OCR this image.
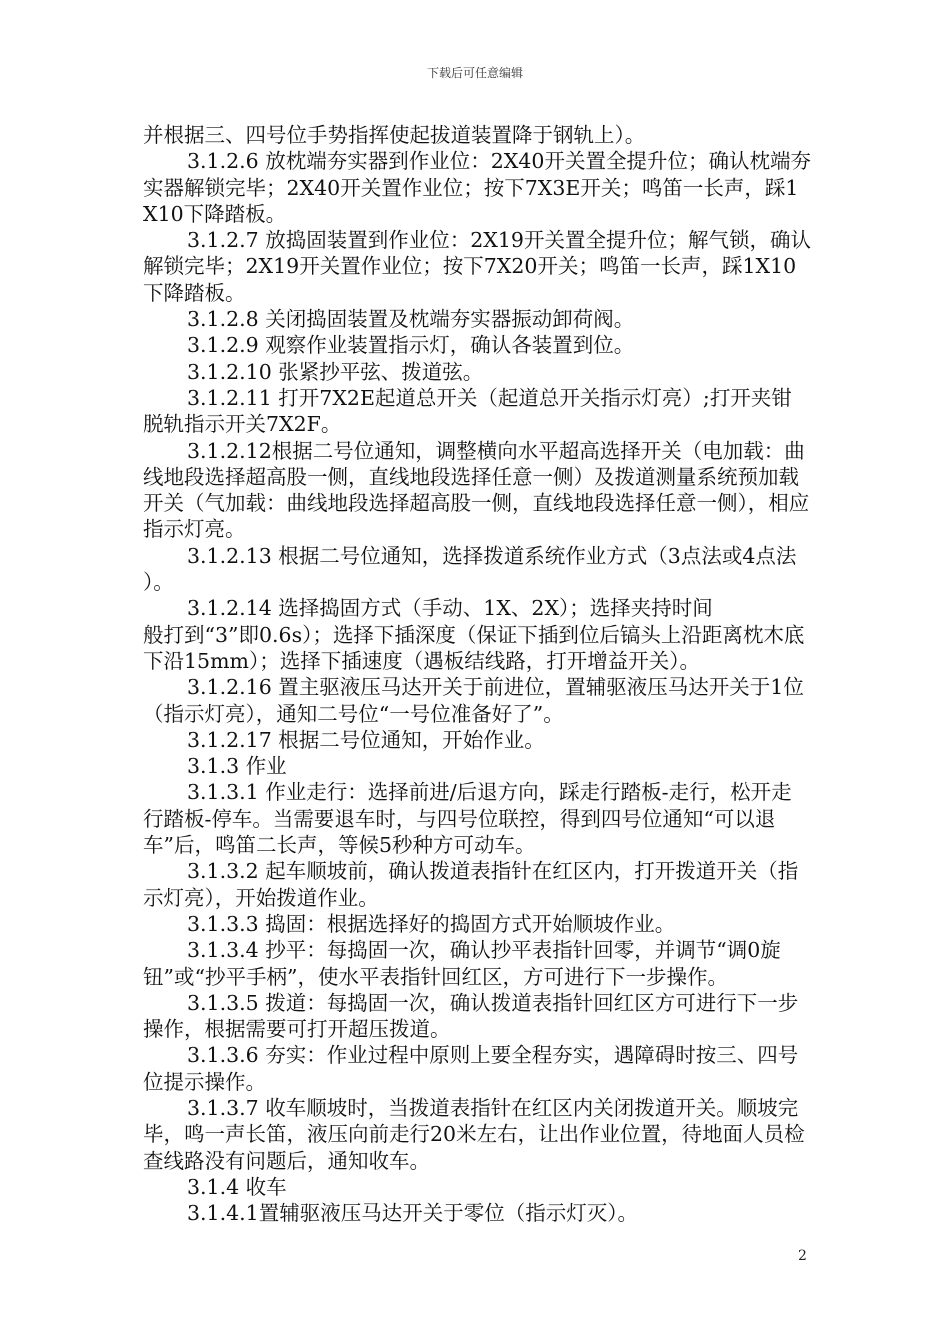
下载后可任意编辑

并根据三、四号位手势指挥使起拔道装置降于钢轨上）。

3.1.2.6 放枕端夯实器到作业位：2X40开关置全提升位；确认枕端夯实器解锁完毕；2X40开关置作业位；按下7X3E开关；鸣笛一长声，踩1X10下降踏板。

3.1.2.7 放捣固装置到作业位：2X19开关置全提升位；解气锁，确认解锁完毕；2X19开关置作业位；按下7X20开关；鸣笛一长声，踩1X10下降踏板。

3.1.2.8 关闭捣固装置及枕端夯实器振动卸荷阀。

3.1.2.9 观察作业装置指示灯，确认各装置到位。

3.1.2.10 张紧抄平弦、拨道弦。

3.1.2.11 打开7X2E起道总开关（起道总开关指示灯亮）;打开夹钳脱轨指示开关7X2F。

3.1.2.12根据二号位通知，调整横向水平超高选择开关（电加载：曲线地段选择超高股一侧，直线地段选择任意一侧）及拨道测量系统预加载开关（气加载：曲线地段选择超高股一侧，直线地段选择任意一侧），相应指示灯亮。

3.1.2.13 根据二号位通知，选择拨道系统作业方式（3点法或4点法 ）。

3.1.2.14 选择捣固方式（手动、1X、2X）；选择夹持时间
般打到“3”即0.6s）；选择下插深度（保证下插到位后镐头上沿距离枕木底下沿15mm）；选择下插速度（遇板结线路，打开增益开关）。

3.1.2.16 置主驱液压马达开关于前进位，置辅驱液压马达开关于1位（指示灯亮），通知二号位“一号位准备好了”。

3.1.2.17 根据二号位通知，开始作业。

3.1.3 作业

3.1.3.1 作业走行：选择前进/后退方向，踩走行踏板-走行，松开走行踏板-停车。当需要退车时，与四号位联控，得到四号位通知“可以退车”后，鸣笛二长声，等候5秒种方可动车。

3.1.3.2 起车顺坡前，确认拨道表指针在红区内，打开拨道开关（指示灯亮），开始拨道作业。

3.1.3.3 捣固：根据选择好的捣固方式开始顺坡作业。

3.1.3.4 抄平：每捣固一次，确认抄平表指针回零，并调节“调0旋钮”或“抄平手柄”，使水平表指针回红区，方可进行下一步操作。

3.1.3.5 拨道：每捣固一次，确认拨道表指针回红区方可进行下一步操作，根据需要可打开超压拨道。

3.1.3.6 夯实：作业过程中原则上要全程夯实，遇障碍时按三、四号位提示操作。

3.1.3.7 收车顺坡时，当拨道表指针在红区内关闭拨道开关。顺坡完毕，鸣一声长笛，液压向前走行20米左右，让出作业位置，待地面人员检查线路没有问题后，通知收车。

3.1.4 收车

3.1.4.1置辅驱液压马达开关于零位（指示灯灭）。

2
